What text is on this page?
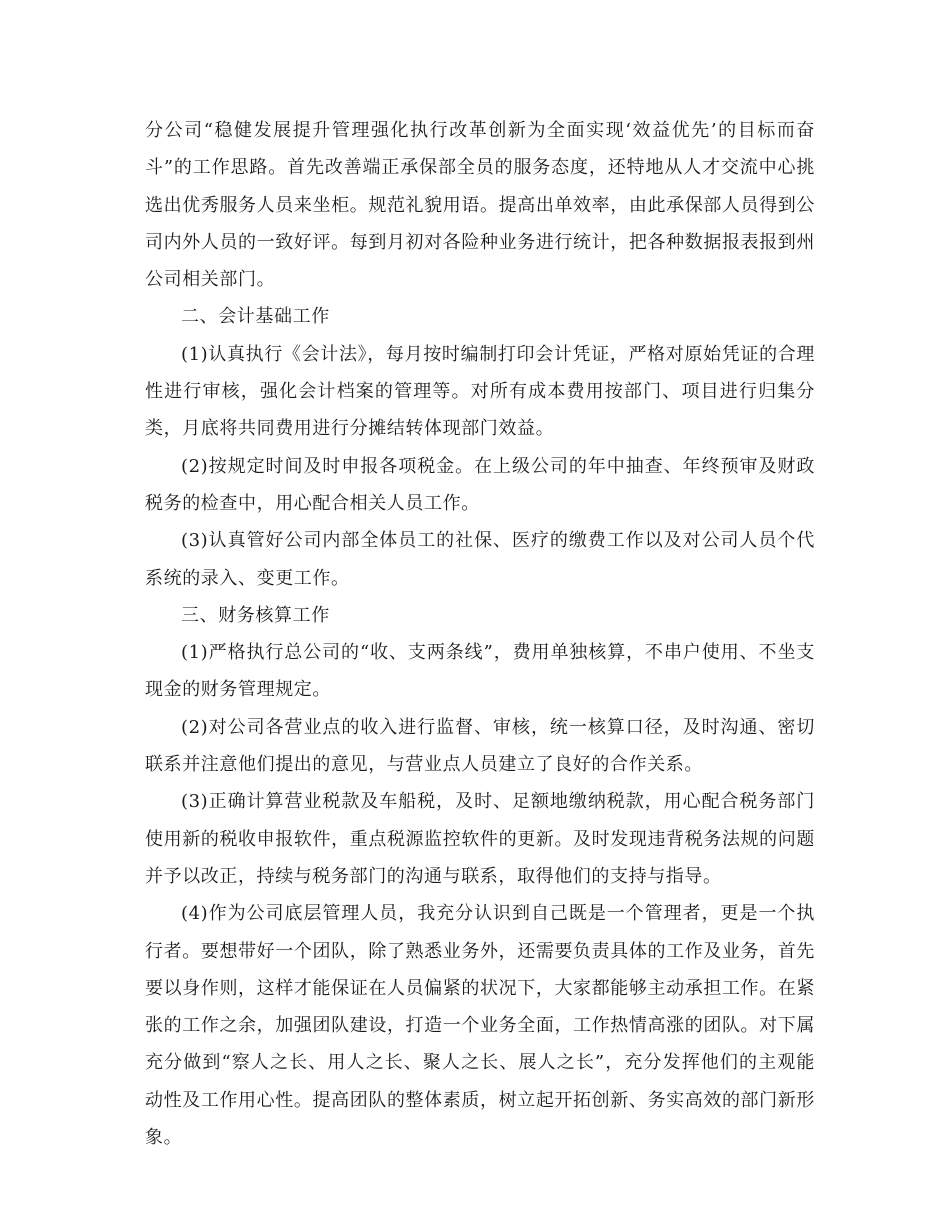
分公司“稳健发展提升管理强化执行改革创新为全面实现‘效益优先’的目标而奋斗”的工作思路。首先改善端正承保部全员的服务态度，还特地从人才交流中心挑选出优秀服务人员来坐柜。规范礼貌用语。提高出单效率，由此承保部人员得到公司内外人员的一致好评。每到月初对各险种业务进行统计，把各种数据报表报到州公司相关部门。

二、会计基础工作

(1)认真执行《会计法》，每月按时编制打印会计凭证，严格对原始凭证的合理性进行审核，强化会计档案的管理等。对所有成本费用按部门、项目进行归集分类，月底将共同费用进行分摊结转体现部门效益。

(2)按规定时间及时申报各项税金。在上级公司的年中抽查、年终预审及财政税务的检查中，用心配合相关人员工作。

(3)认真管好公司内部全体员工的社保、医疗的缴费工作以及对公司人员个代系统的录入、变更工作。

三、财务核算工作

(1)严格执行总公司的“收、支两条线”，费用单独核算，不串户使用、不坐支现金的财务管理规定。

(2)对公司各营业点的收入进行监督、审核，统一核算口径，及时沟通、密切联系并注意他们提出的意见，与营业点人员建立了良好的合作关系。

(3)正确计算营业税款及车船税，及时、足额地缴纳税款，用心配合税务部门使用新的税收申报软件，重点税源监控软件的更新。及时发现违背税务法规的问题并予以改正，持续与税务部门的沟通与联系，取得他们的支持与指导。

(4)作为公司底层管理人员，我充分认识到自己既是一个管理者，更是一个执行者。要想带好一个团队，除了熟悉业务外，还需要负责具体的工作及业务，首先要以身作则，这样才能保证在人员偏紧的状况下，大家都能够主动承担工作。在紧张的工作之余，加强团队建设，打造一个业务全面，工作热情高涨的团队。对下属充分做到“察人之长、用人之长、聚人之长、展人之长”，充分发挥他们的主观能动性及工作用心性。提高团队的整体素质，树立起开拓创新、务实高效的部门新形象。
